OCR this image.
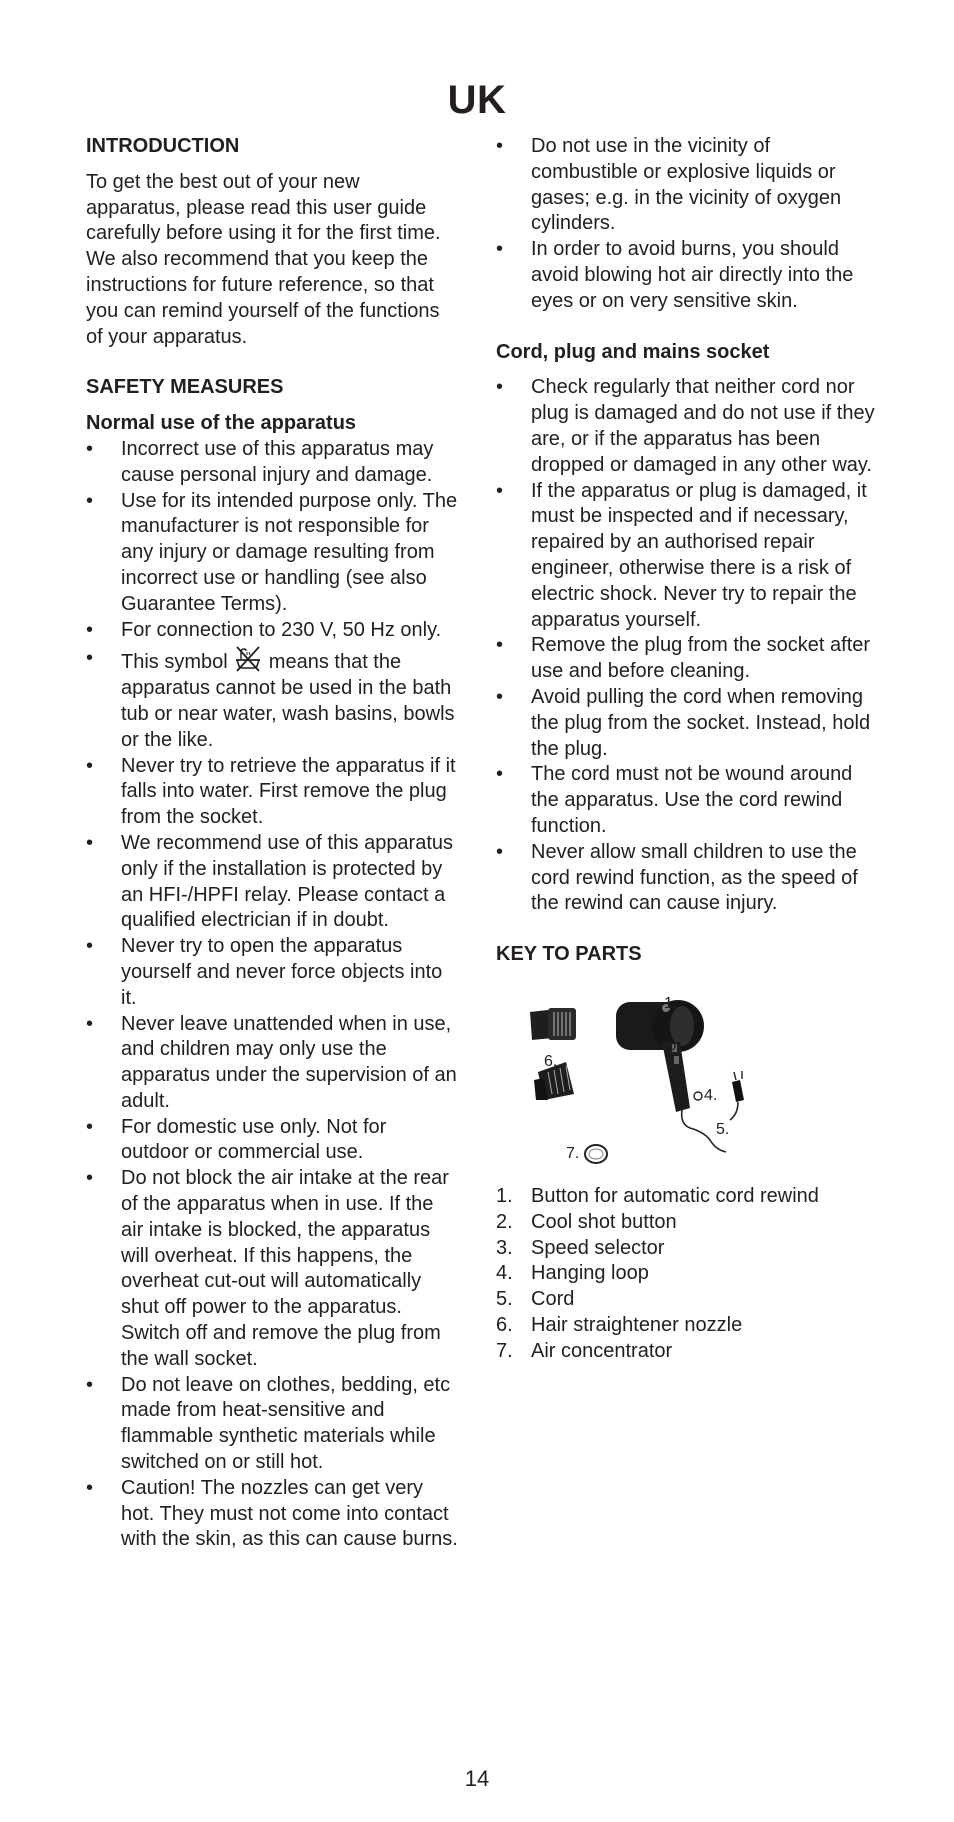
UK
INTRODUCTION

To get the best out of your new apparatus, please read this user guide carefully before using it for the first time. We also recommend that you keep the instructions for future reference, so that you can remind yourself of the functions of your apparatus.

SAFETY MEASURES
Normal use of the apparatus
• Incorrect use of this apparatus may cause personal injury and damage.
• Use for its intended purpose only. The manufacturer is not responsible for any injury or damage resulting from incorrect use or handling (see also Guarantee Terms).
• For connection to 230 V, 50 Hz only.
• This symbol  means that the apparatus cannot be used in the bath tub or near water, wash basins, bowls or the like.
• Never try to retrieve the apparatus if it falls into water. First remove the plug from the socket.
• We recommend use of this apparatus only if the installation is protected by an HFI-/HPFI relay. Please contact a qualified electrician if in doubt.
• Never try to open the apparatus yourself and never force objects into it.
• Never leave unattended when in use, and children may only use the apparatus under the supervision of an adult.
• For domestic use only. Not for outdoor or commercial use.
• Do not block the air intake at the rear of the apparatus when in use. If the air intake is blocked, the apparatus will overheat. If this happens, the overheat cut-out will automatically shut off power to the apparatus. Switch off and remove the plug from the wall socket.
• Do not leave on clothes, bedding, etc made from heat-sensitive and flammable synthetic materials while switched on or still hot.
• Caution! The nozzles can get very hot. They must not come into contact with the skin, as this can cause burns.
• Do not use in the vicinity of combustible or explosive liquids or gases; e.g. in the vicinity of oxygen cylinders.
• In order to avoid burns, you should avoid blowing hot air directly into the eyes or on very sensitive skin.
Cord, plug and mains socket
• Check regularly that neither cord nor plug is damaged and do not use if they are, or if the apparatus has been dropped or damaged in any other way.
• If the apparatus or plug is damaged, it must be inspected and if necessary, repaired by an authorised repair engineer, otherwise there is a risk of electric shock. Never try to repair the apparatus yourself.
• Remove the plug from the socket after use and before cleaning.
• Avoid pulling the cord when removing the plug from the socket. Instead, hold the plug.
• The cord must not be wound around the apparatus. Use the cord rewind function.
• Never allow small children to use the cord rewind function, as the speed of the rewind can cause injury.
KEY TO PARTS
1.
2.
3.
4.
5.
6.
7.
1. Button for automatic cord rewind
2. Cool shot button
3. Speed selector
4. Hanging loop
5. Cord
6. Hair straightener nozzle
7. Air concentrator
14
